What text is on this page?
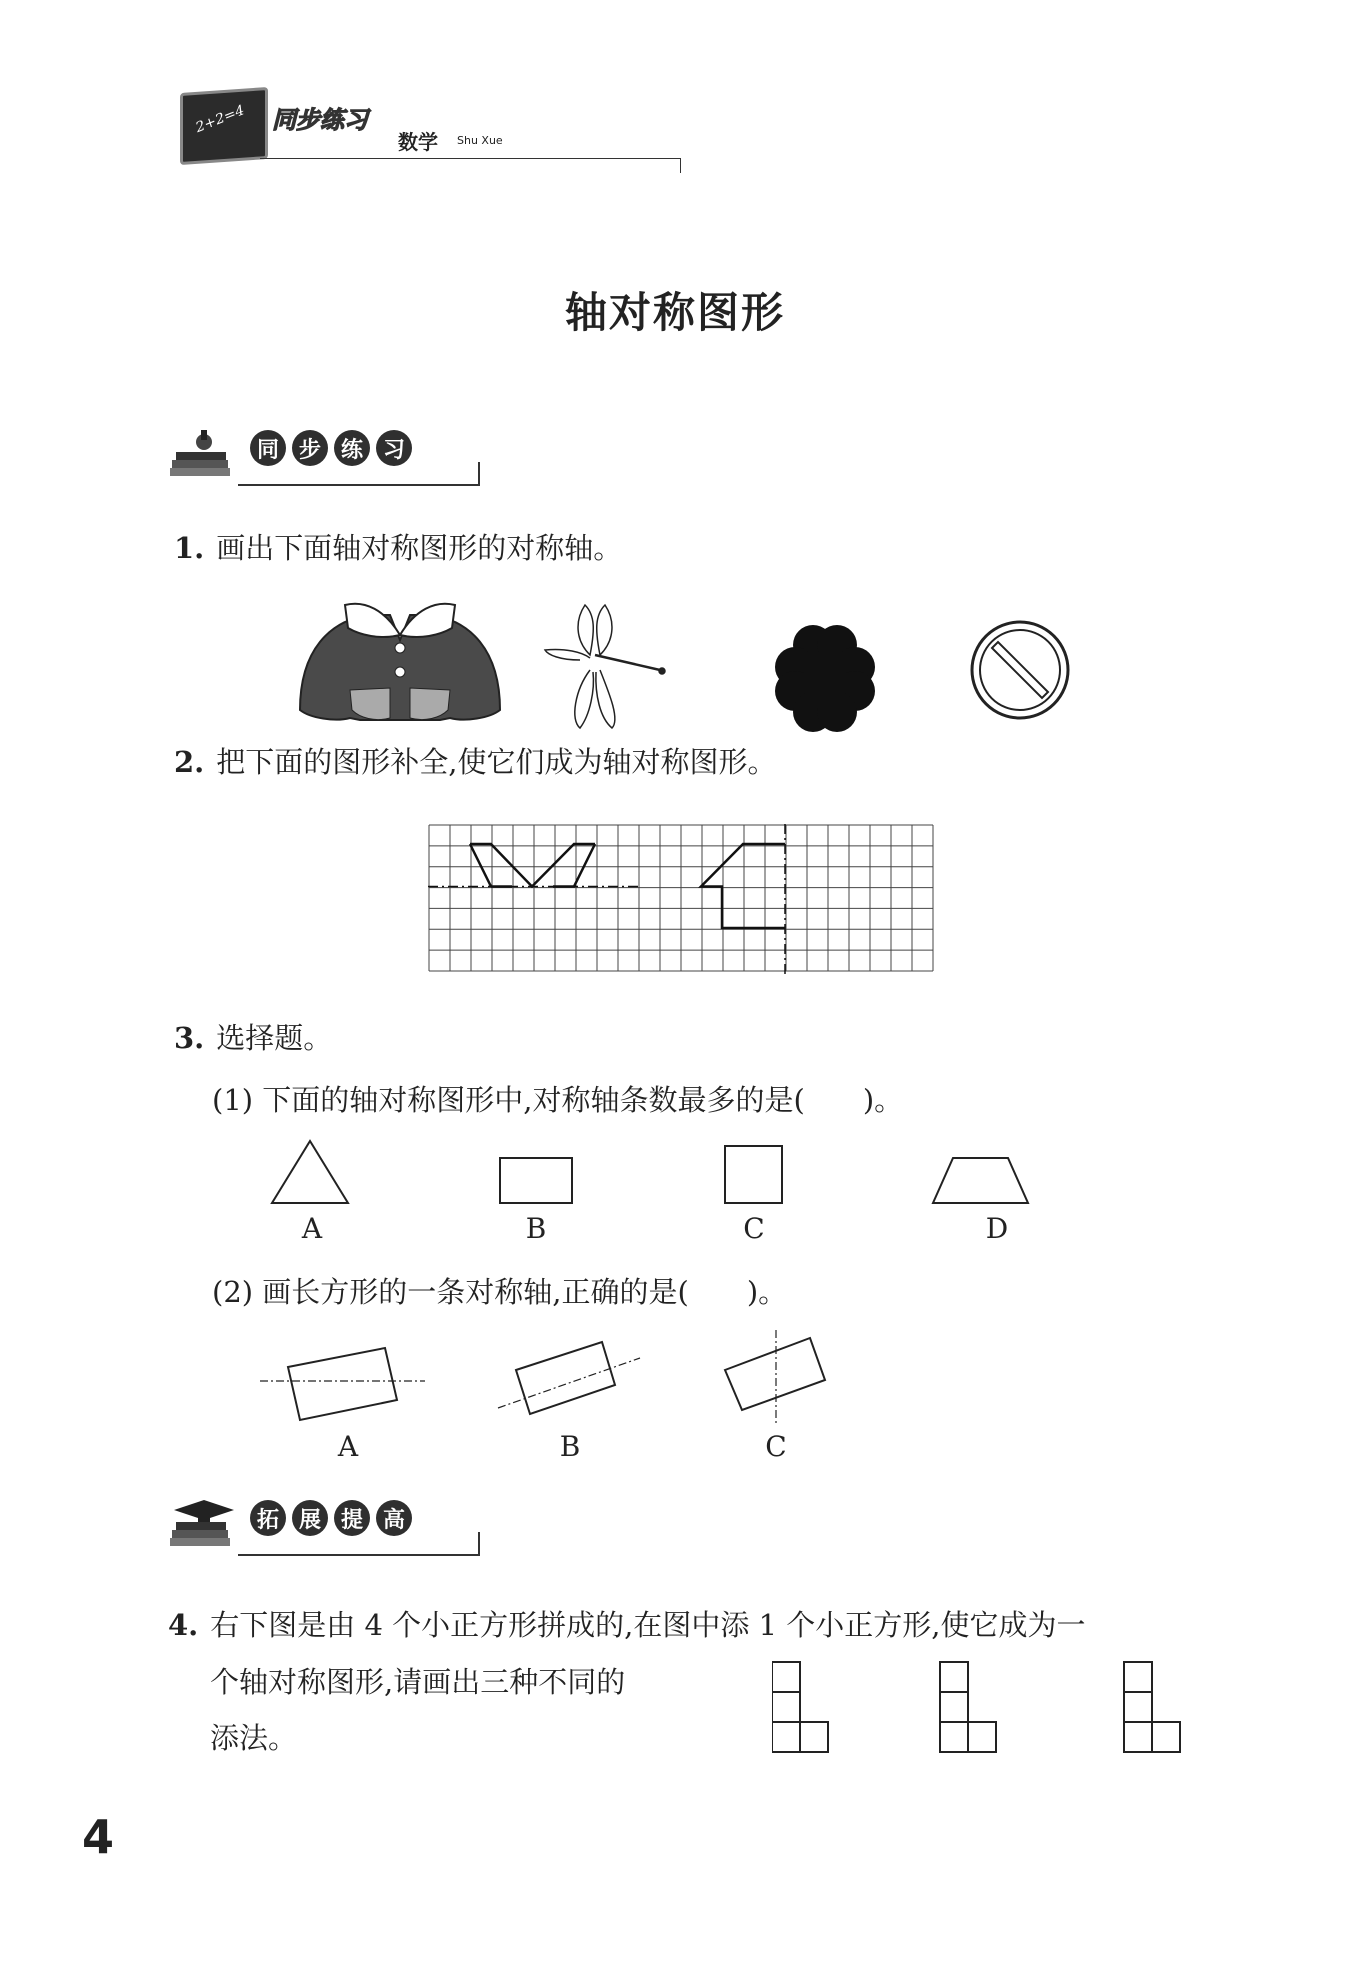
2+2=4 同步练习
数学 Shu Xue
轴对称图形
同 步 练 习
1. 画出下面轴对称图形的对称轴。
2. 把下面的图形补全,使它们成为轴对称图形。
3. 选择题。
(1) 下面的轴对称图形中,对称轴条数最多的是(　　)。
A	B	C	D
(2) 画长方形的一条对称轴,正确的是(　　)。
A	B	C
拓 展 提 高
4. 右下图是由 4 个小正方形拼成的,在图中添 1 个小正方形,使它成为一
个轴对称图形,请画出三种不同的
添法。
4
